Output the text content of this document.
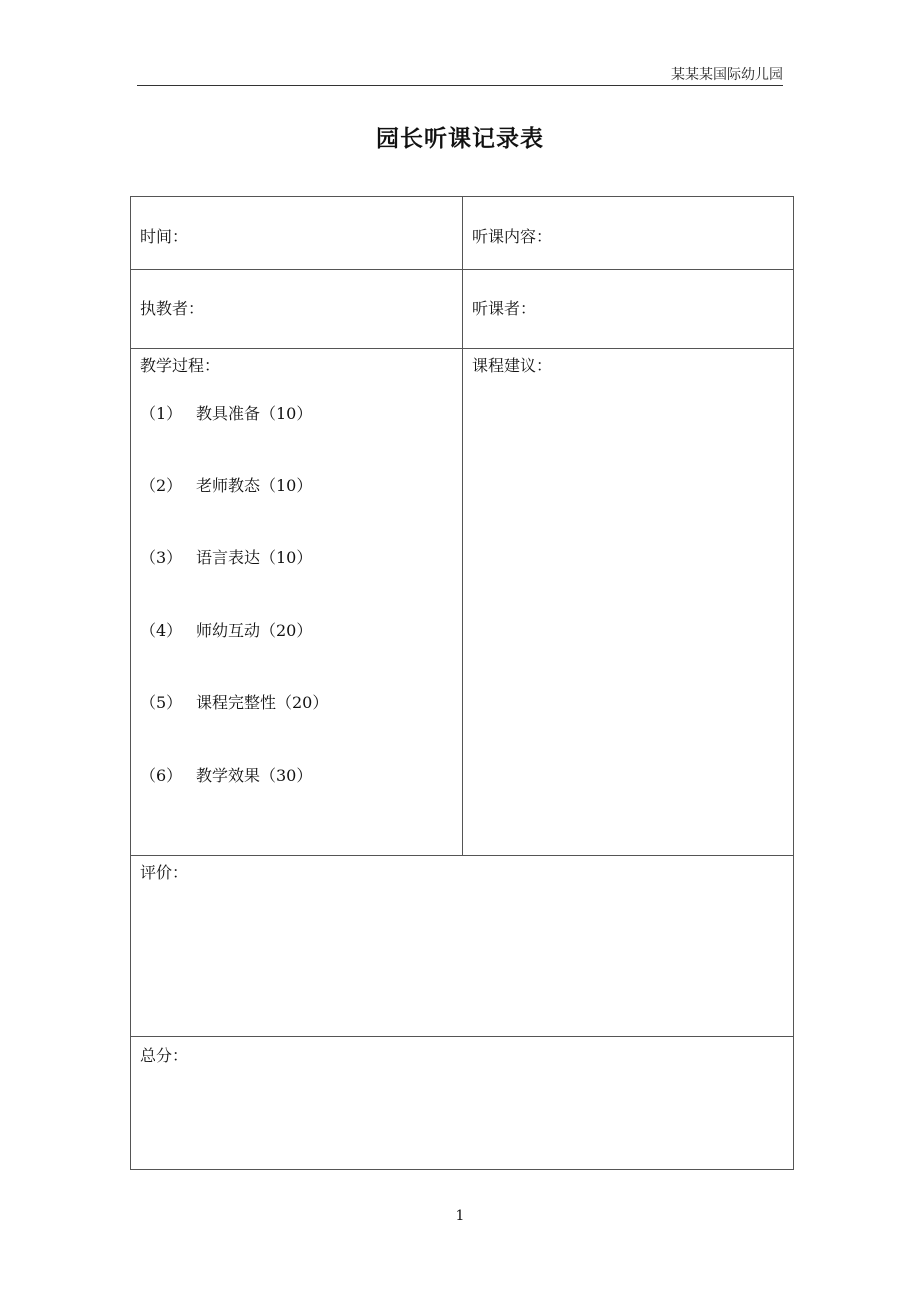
某某某国际幼儿园
园长听课记录表
时间：	听课内容：
执教者：	听课者：
教学过程：
（1） 教具准备（10）
（2） 老师教态（10）
（3） 语言表达（10）
（4） 师幼互动（20）
（5） 课程完整性（20）
（6） 教学效果（30）
课程建议：
评价：
总分：
1
